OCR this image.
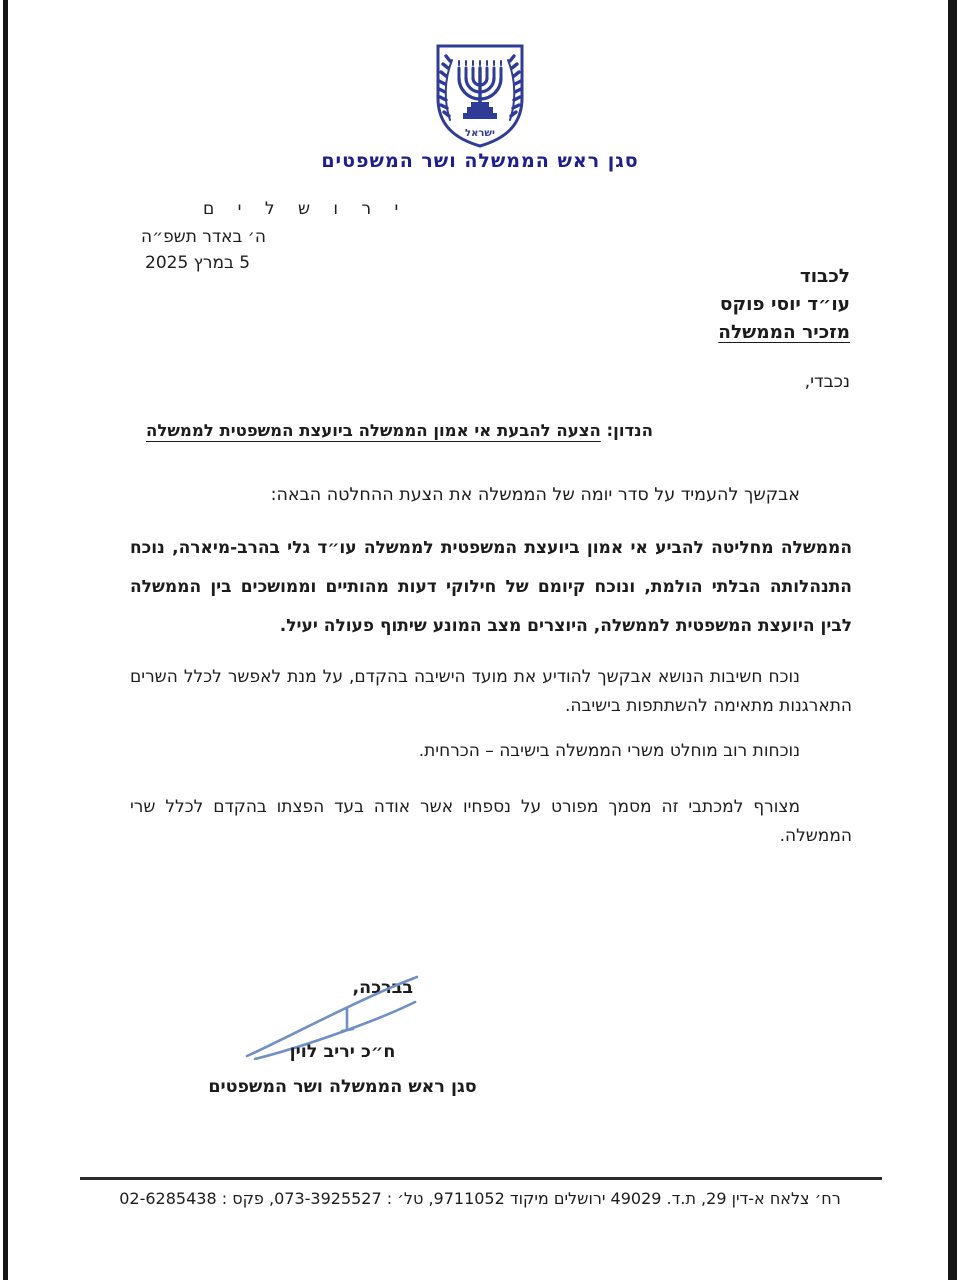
ישראל
סגן ראש הממשלה ושר המשפטים
י ר ו ש ל י ם
ה׳ באדר תשפ״ה
5 במרץ 2025
לכבוד
עו״ד יוסי פוקס
מזכיר הממשלה
נכבדי,
הנדון: הצעה להבעת אי אמון הממשלה ביועצת המשפטית לממשלה
אבקשך להעמיד על סדר יומה של הממשלה את הצעת ההחלטה הבאה:
הממשלה מחליטה להביע אי אמון ביועצת המשפטית לממשלה עו״ד גלי בהרב-מיארה, נוכח התנהלותה הבלתי הולמת, ונוכח קיומם של חילוקי דעות מהותיים וממושכים בין הממשלה לבין היועצת המשפטית לממשלה, היוצרים מצב המונע שיתוף פעולה יעיל.
נוכח חשיבות הנושא אבקשך להודיע את מועד הישיבה בהקדם, על מנת לאפשר לכלל השרים התארגנות מתאימה להשתתפות בישיבה.
נוכחות רוב מוחלט משרי הממשלה בישיבה – הכרחית.
מצורף למכתבי זה מסמך מפורט על נספחיו אשר אודה בעד הפצתו בהקדם לכלל שרי הממשלה.
בברכה,
ח״כ יריב לוין
סגן ראש הממשלה ושר המשפטים
רח׳ צלאח א-דין 29, ת.ד. 49029 ירושלים מיקוד 9711052, טל׳ : 073-3925527, פקס : 02-6285438
